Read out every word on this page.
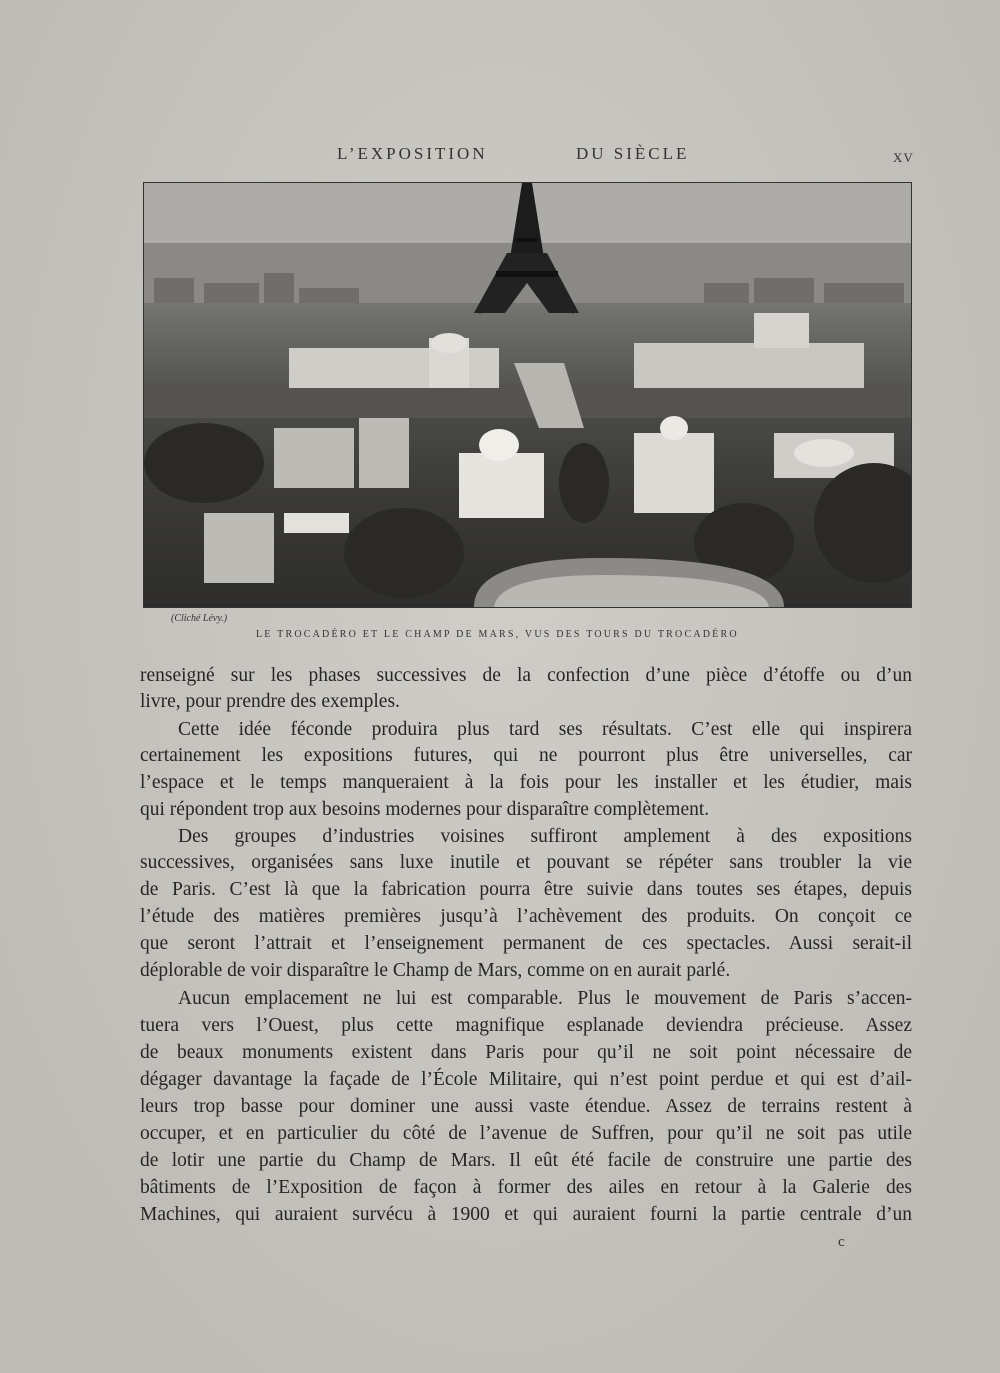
L’EXPOSITION	DU SIÈCLE	XV
(Cliché Lévy.)
LE TROCADÉRO ET LE CHAMP DE MARS, VUS DES TOURS DU TROCADÉRO
renseigné sur les phases successives de la confection d’une pièce d’étoffe ou d’un
livre, pour prendre des exemples.
Cette idée féconde produira plus tard ses résultats. C’est elle qui inspirera
certainement les expositions futures, qui ne pourront plus être universelles, car
l’espace et le temps manqueraient à la fois pour les installer et les étudier, mais
qui répondent trop aux besoins modernes pour disparaître complètement.
Des groupes d’industries voisines suffiront amplement à des expositions
successives, organisées sans luxe inutile et pouvant se répéter sans troubler la vie
de Paris. C’est là que la fabrication pourra être suivie dans toutes ses étapes, depuis
l’étude des matières premières jusqu’à l’achèvement des produits. On conçoit ce
que seront l’attrait et l’enseignement permanent de ces spectacles. Aussi serait-il
déplorable de voir disparaître le Champ de Mars, comme on en aurait parlé.
Aucun emplacement ne lui est comparable. Plus le mouvement de Paris s’accen-
tuera vers l’Ouest, plus cette magnifique esplanade deviendra précieuse. Assez
de beaux monuments existent dans Paris pour qu’il ne soit point nécessaire de
dégager davantage la façade de l’École Militaire, qui n’est point perdue et qui est d’ail-
leurs trop basse pour dominer une aussi vaste étendue. Assez de terrains restent à
occuper, et en particulier du côté de l’avenue de Suffren, pour qu’il ne soit pas utile
de lotir une partie du Champ de Mars. Il eût été facile de construire une partie des
bâtiments de l’Exposition de façon à former des ailes en retour à la Galerie des
Machines, qui auraient survécu à 1900 et qui auraient fourni la partie centrale d’un
c
